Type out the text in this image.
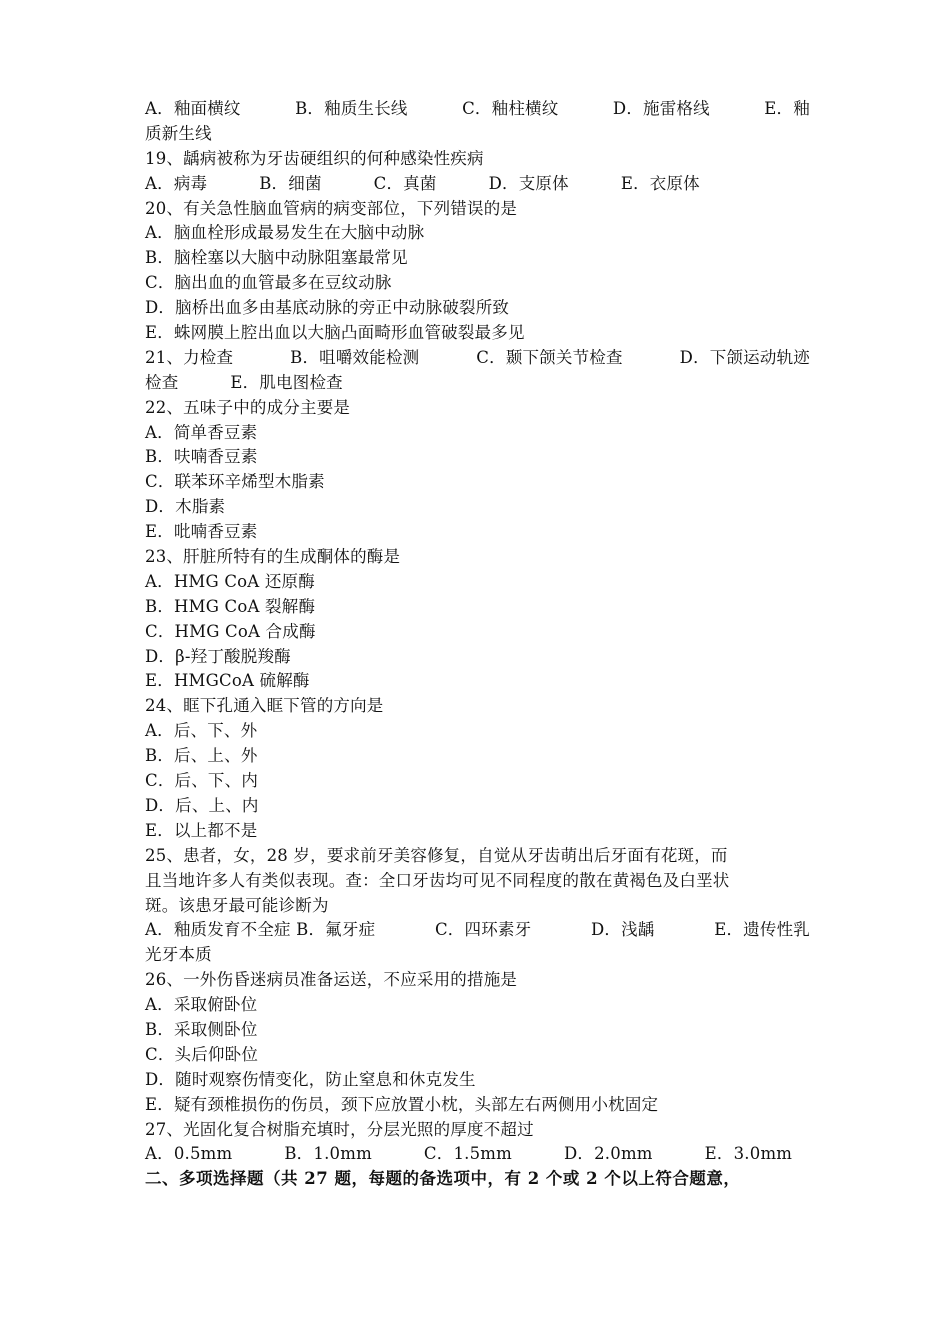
A．釉面横纹	B．釉质生长线	C．釉柱横纹	D．施雷格线	E．釉
质新生线
19、龋病被称为牙齿硬组织的何种感染性疾病
A．病毒	B．细菌	C．真菌	D．支原体	E．衣原体
20、有关急性脑血管病的病变部位，下列错误的是
A．脑血栓形成最易发生在大脑中动脉
B．脑栓塞以大脑中动脉阻塞最常见
C．脑出血的血管最多在豆纹动脉
D．脑桥出血多由基底动脉的旁正中动脉破裂所致
E．蛛网膜上腔出血以大脑凸面畸形血管破裂最多见
21、力检查	B．咀嚼效能检测	C．颞下颌关节检查	D．下颌运动轨迹
检查	E．肌电图检查
22、五味子中的成分主要是
A．简单香豆素
B．呋喃香豆素
C．联苯环辛烯型木脂素
D．木脂素
E．吡喃香豆素
23、肝脏所特有的生成酮体的酶是
A．HMG CoA 还原酶
B．HMG CoA 裂解酶
C．HMG CoA 合成酶
D．β-羟丁酸脱羧酶
E．HMGCoA 硫解酶
24、眶下孔通入眶下管的方向是
A．后、下、外
B．后、上、外
C．后、下、内
D．后、上、内
E．以上都不是
25、患者，女，28 岁，要求前牙美容修复，自觉从牙齿萌出后牙面有花斑，而
且当地许多人有类似表现。查：全口牙齿均可见不同程度的散在黄褐色及白垩状
斑。该患牙最可能诊断为
A．釉质发育不全症 B．氟牙症	C．四环素牙	D．浅龋	E．遗传性乳
光牙本质
26、一外伤昏迷病员准备运送，不应采用的措施是
A．采取俯卧位
B．采取侧卧位
C．头后仰卧位
D．随时观察伤情变化，防止窒息和休克发生
E．疑有颈椎损伤的伤员，颈下应放置小枕，头部左右两侧用小枕固定
27、光固化复合树脂充填时，分层光照的厚度不超过
A．0.5mm	B．1.0mm	C．1.5mm	D．2.0mm	E．3.0mm
二、多项选择题（共 27 题，每题的备选项中，有 2 个或 2 个以上符合题意，
